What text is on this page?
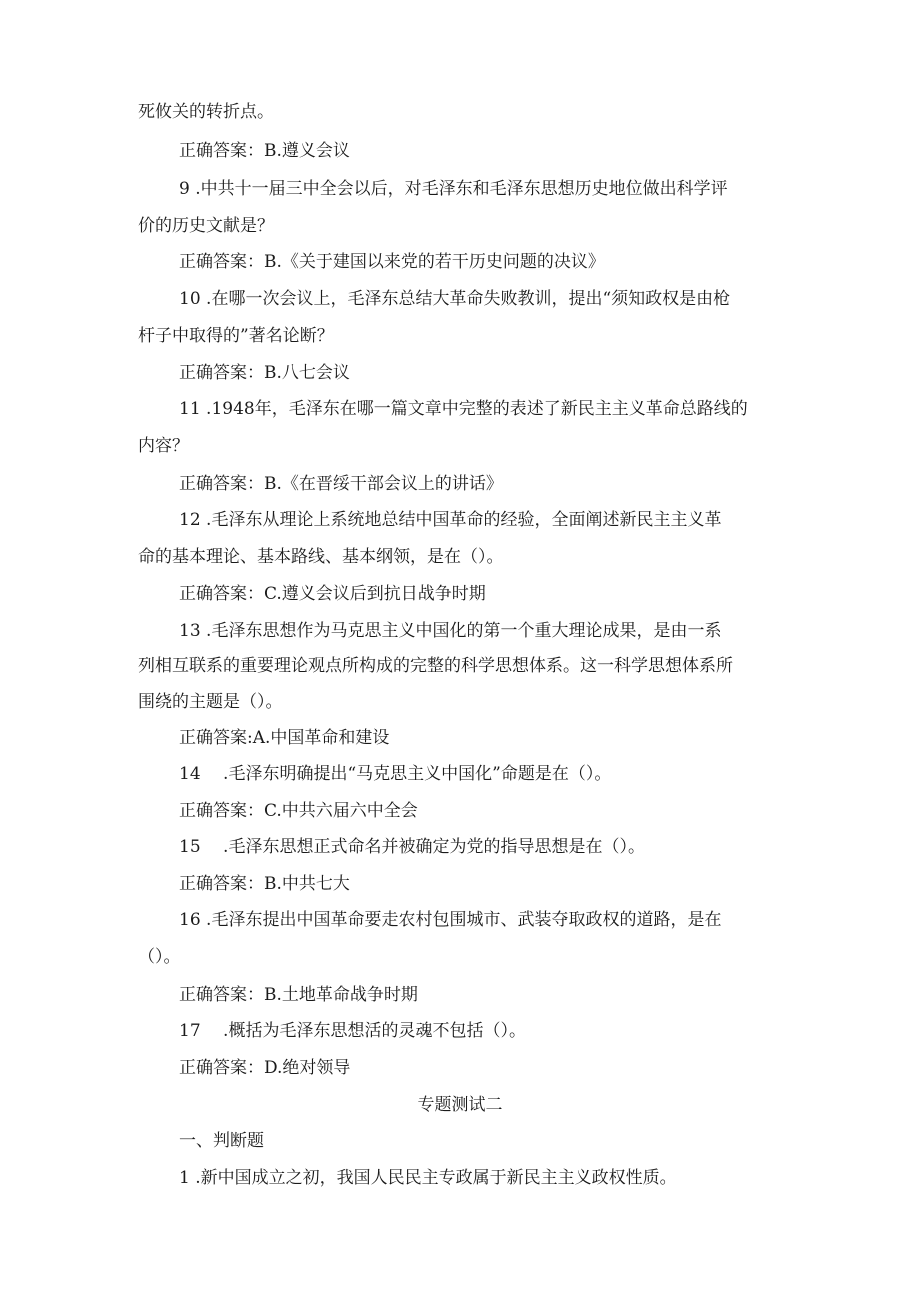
死攸关的转折点。
正确答案：B.遵义会议
9 .中共十一届三中全会以后，对毛泽东和毛泽东思想历史地位做出科学评
价的历史文献是？
正确答案：B.《关于建国以来党的若干历史问题的决议》
10 .在哪一次会议上，毛泽东总结大革命失败教训，提出“须知政权是由枪
杆子中取得的”著名论断？
正确答案：B.八七会议
11 .1948年，毛泽东在哪一篇文章中完整的表述了新民主主义革命总路线的
内容？
正确答案：B.《在晋绥干部会议上的讲话》
12 .毛泽东从理论上系统地总结中国革命的经验，全面阐述新民主主义革
命的基本理论、基本路线、基本纲领，是在（）。
正确答案：C.遵义会议后到抗日战争时期
13 .毛泽东思想作为马克思主义中国化的第一个重大理论成果，是由一系
列相互联系的重要理论观点所构成的完整的科学思想体系。这一科学思想体系所
围绕的主题是（）。
正确答案:A.中国革命和建设
14　 .毛泽东明确提出“马克思主义中国化”命题是在（）。
正确答案：C.中共六届六中全会
15　 .毛泽东思想正式命名并被确定为党的指导思想是在（）。
正确答案：B.中共七大
16 .毛泽东提出中国革命要走农村包围城市、武装夺取政权的道路，是在
（）。
正确答案：B.土地革命战争时期
17　 .概括为毛泽东思想活的灵魂不包括（）。
正确答案：D.绝对领导
专题测试二
一、判断题
1 .新中国成立之初，我国人民民主专政属于新民主主义政权性质。
